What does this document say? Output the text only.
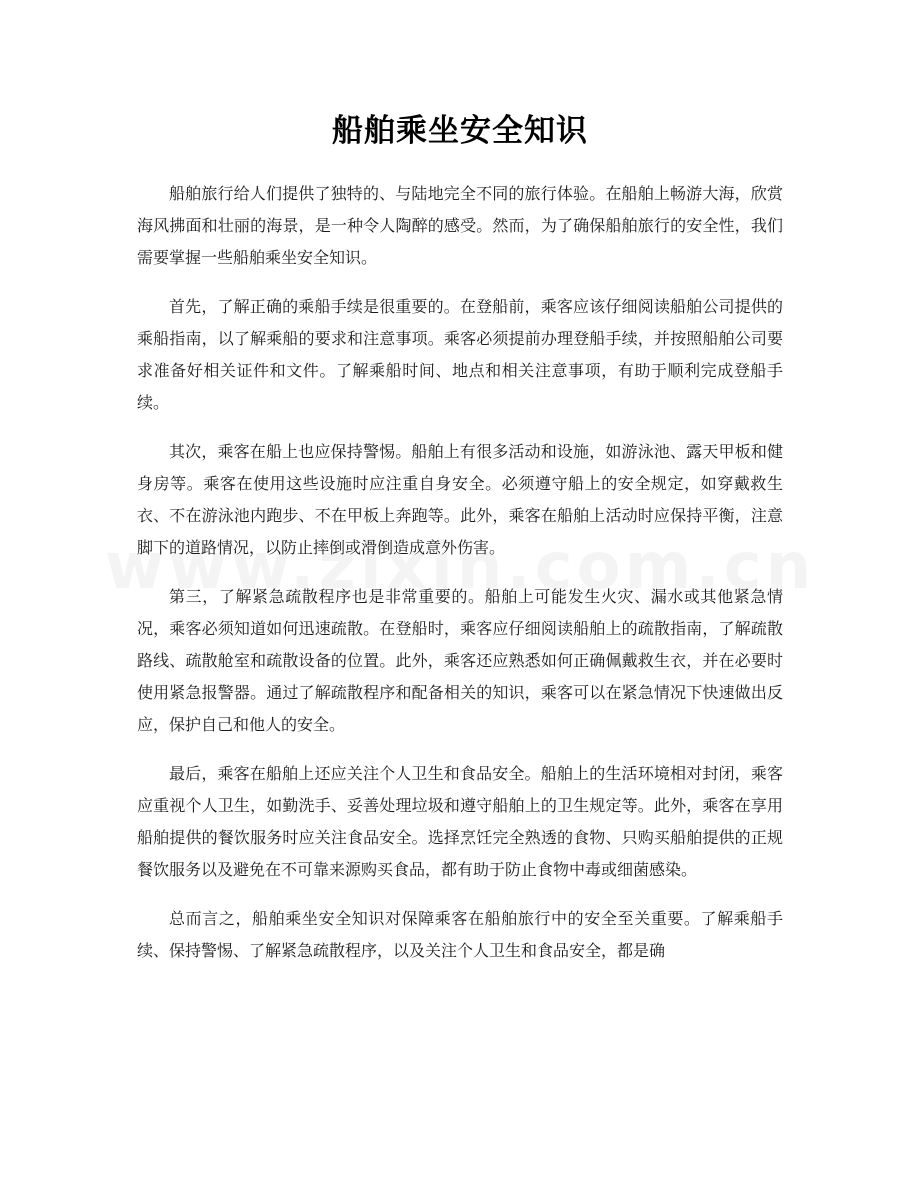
船舶乘坐安全知识

船舶旅行给人们提供了独特的、与陆地完全不同的旅行体验。在船舶上畅游大海，欣赏海风拂面和壮丽的海景，是一种令人陶醉的感受。然而，为了确保船舶旅行的安全性，我们需要掌握一些船舶乘坐安全知识。

首先，了解正确的乘船手续是很重要的。在登船前，乘客应该仔细阅读船舶公司提供的乘船指南，以了解乘船的要求和注意事项。乘客必须提前办理登船手续，并按照船舶公司要求准备好相关证件和文件。了解乘船时间、地点和相关注意事项，有助于顺利完成登船手续。

其次，乘客在船上也应保持警惕。船舶上有很多活动和设施，如游泳池、露天甲板和健身房等。乘客在使用这些设施时应注重自身安全。必须遵守船上的安全规定，如穿戴救生衣、不在游泳池内跑步、不在甲板上奔跑等。此外，乘客在船舶上活动时应保持平衡，注意脚下的道路情况，以防止摔倒或滑倒造成意外伤害。

第三，了解紧急疏散程序也是非常重要的。船舶上可能发生火灾、漏水或其他紧急情况，乘客必须知道如何迅速疏散。在登船时，乘客应仔细阅读船舶上的疏散指南，了解疏散路线、疏散舱室和疏散设备的位置。此外，乘客还应熟悉如何正确佩戴救生衣，并在必要时使用紧急报警器。通过了解疏散程序和配备相关的知识，乘客可以在紧急情况下快速做出反应，保护自己和他人的安全。

最后，乘客在船舶上还应关注个人卫生和食品安全。船舶上的生活环境相对封闭，乘客应重视个人卫生，如勤洗手、妥善处理垃圾和遵守船舶上的卫生规定等。此外，乘客在享用船舶提供的餐饮服务时应关注食品安全。选择烹饪完全熟透的食物、只购买船舶提供的正规餐饮服务以及避免在不可靠来源购买食品，都有助于防止食物中毒或细菌感染。

总而言之，船舶乘坐安全知识对保障乘客在船舶旅行中的安全至关重要。了解乘船手续、保持警惕、了解紧急疏散程序，以及关注个人卫生和食品安全，都是确
